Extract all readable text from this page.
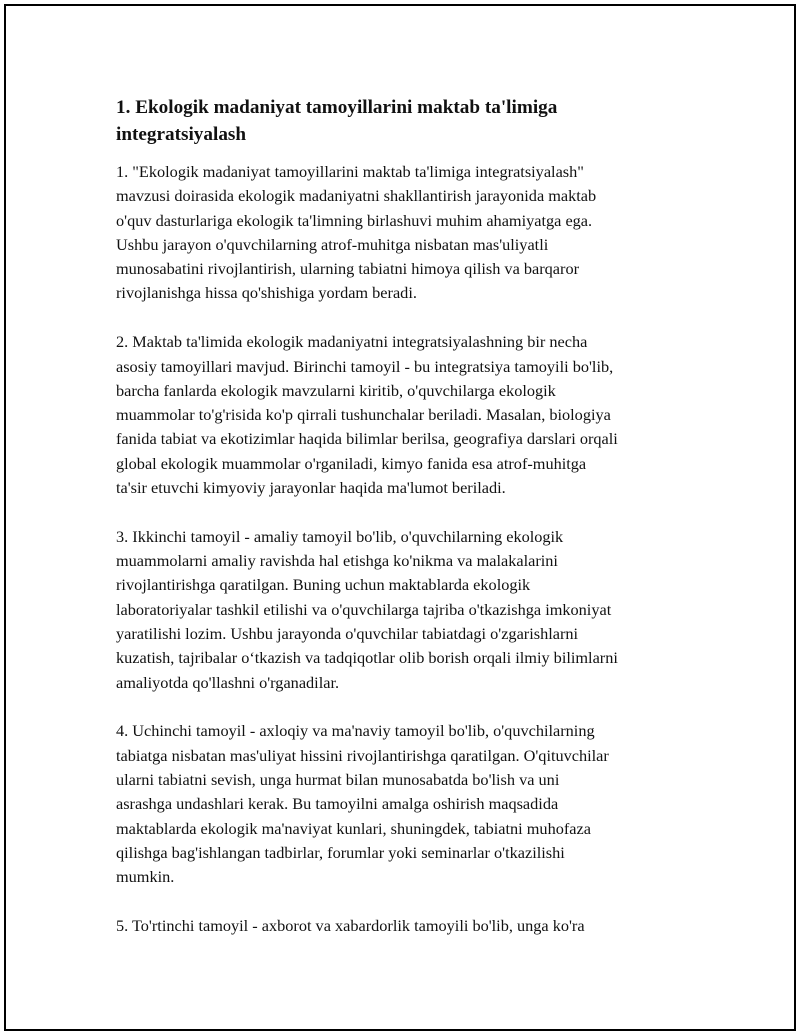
1. Ekologik madaniyat tamoyillarini maktab ta'limiga
integratsiyalash
1. "Ekologik madaniyat tamoyillarini maktab ta'limiga integratsiyalash"
mavzusi doirasida ekologik madaniyatni shakllantirish jarayonida maktab
o'quv dasturlariga ekologik ta'limning birlashuvi muhim ahamiyatga ega.
Ushbu jarayon o'quvchilarning atrof-muhitga nisbatan mas'uliyatli
munosabatini rivojlantirish, ularning tabiatni himoya qilish va barqaror
rivojlanishga hissa qo'shishiga yordam beradi.
2. Maktab ta'limida ekologik madaniyatni integratsiyalashning bir necha
asosiy tamoyillari mavjud. Birinchi tamoyil - bu integratsiya tamoyili bo'lib,
barcha fanlarda ekologik mavzularni kiritib, o'quvchilarga ekologik
muammolar to'g'risida ko'p qirrali tushunchalar beriladi. Masalan, biologiya
fanida tabiat va ekotizimlar haqida bilimlar berilsa, geografiya darslari orqali
global ekologik muammolar o'rganiladi, kimyo fanida esa atrof-muhitga
ta'sir etuvchi kimyoviy jarayonlar haqida ma'lumot beriladi.
3. Ikkinchi tamoyil - amaliy tamoyil bo'lib, o'quvchilarning ekologik
muammolarni amaliy ravishda hal etishga ko'nikma va malakalarini
rivojlantirishga qaratilgan. Buning uchun maktablarda ekologik
laboratoriyalar tashkil etilishi va o'quvchilarga tajriba o'tkazishga imkoniyat
yaratilishi lozim. Ushbu jarayonda o'quvchilar tabiatdagi o'zgarishlarni
kuzatish, tajribalar o‘tkazish va tadqiqotlar olib borish orqali ilmiy bilimlarni
amaliyotda qo'llashni o'rganadilar.
4. Uchinchi tamoyil - axloqiy va ma'naviy tamoyil bo'lib, o'quvchilarning
tabiatga nisbatan mas'uliyat hissini rivojlantirishga qaratilgan. O'qituvchilar
ularni tabiatni sevish, unga hurmat bilan munosabatda bo'lish va uni
asrashga undashlari kerak. Bu tamoyilni amalga oshirish maqsadida
maktablarda ekologik ma'naviyat kunlari, shuningdek, tabiatni muhofaza
qilishga bag'ishlangan tadbirlar, forumlar yoki seminarlar o'tkazilishi
mumkin.
5. To'rtinchi tamoyil - axborot va xabardorlik tamoyili bo'lib, unga ko'ra
